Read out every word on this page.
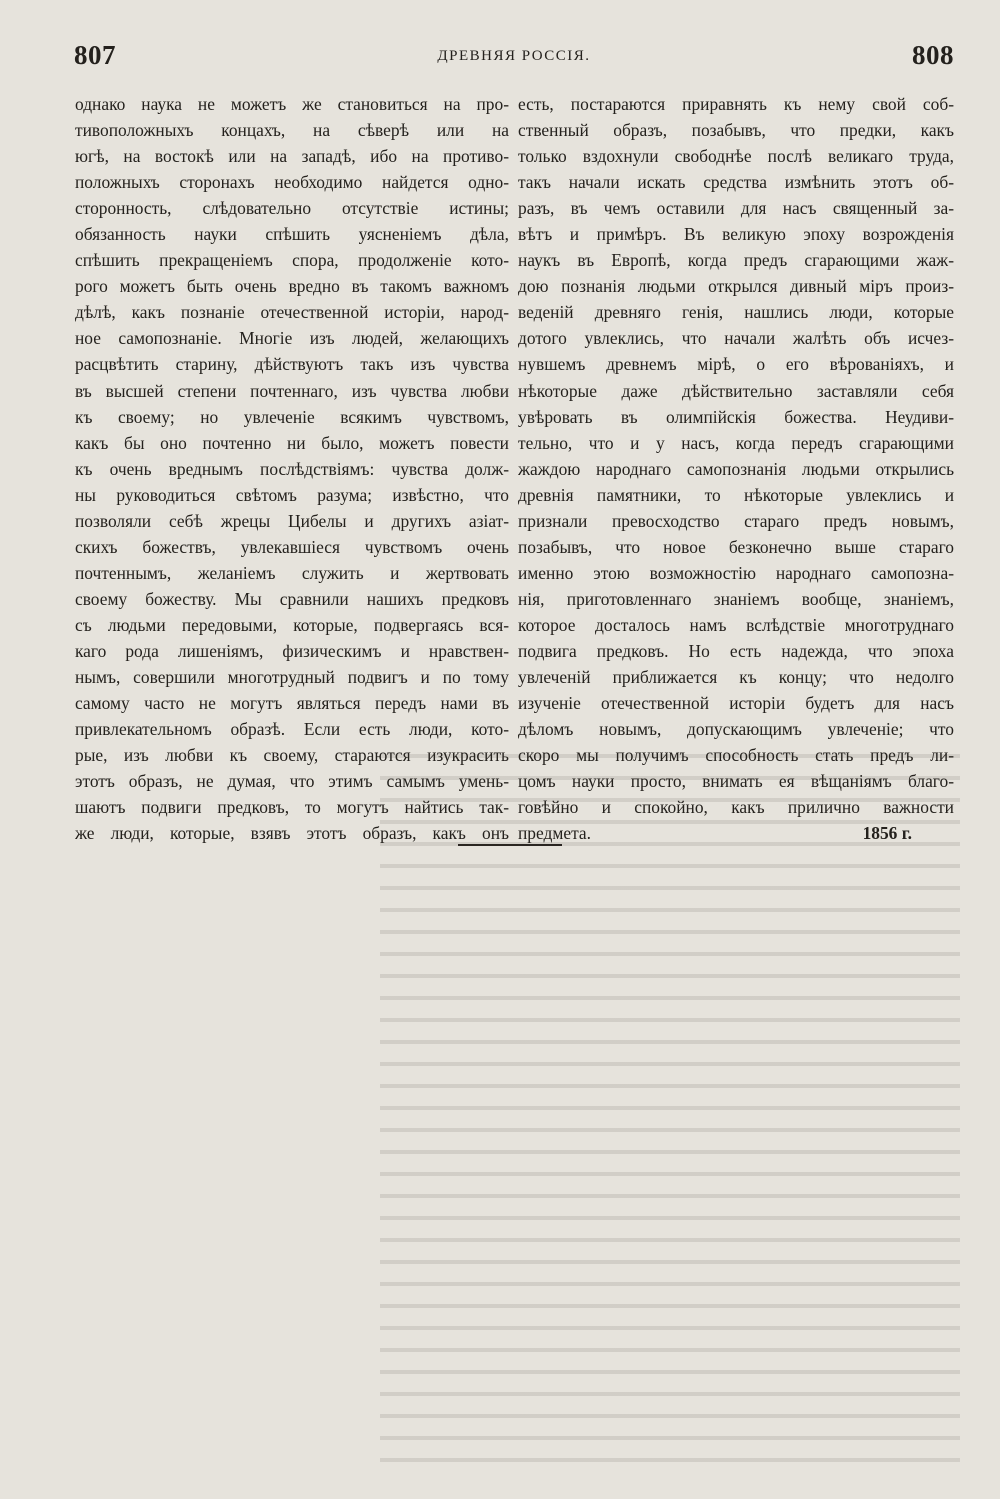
807	ДРЕВНЯЯ РОССІЯ.	808
однако наука не можетъ же становиться на про-
тивоположныхъ концахъ, на сѣверѣ или на
югѣ, на востокѣ или на западѣ, ибо на противо-
положныхъ сторонахъ необходимо найдется одно-
сторонность, слѣдовательно отсутствіе истины;
обязанность науки спѣшить уясненіемъ дѣла,
спѣшить прекращеніемъ спора, продолженіе кото-
рого можетъ быть очень вредно въ такомъ важномъ
дѣлѣ, какъ познаніе отечественной исторіи, народ-
ное самопознаніе. Многіе изъ людей, желающихъ
расцвѣтить старину, дѣйствуютъ такъ изъ чувства
въ высшей степени почтеннаго, изъ чувства любви
къ своему; но увлеченіе всякимъ чувствомъ,
какъ бы оно почтенно ни было, можетъ повести
къ очень вреднымъ послѣдствіямъ: чувства долж-
ны руководиться свѣтомъ разума; извѣстно, что
позволяли себѣ жрецы Цибелы и другихъ азіат-
скихъ божествъ, увлекавшіеся чувствомъ очень
почтеннымъ, желаніемъ служить и жертвовать
своему божеству. Мы сравнили нашихъ предковъ
съ людьми передовыми, которые, подвергаясь вся-
каго рода лишеніямъ, физическимъ и нравствен-
нымъ, совершили многотрудный подвигъ и по тому
самому часто не могутъ являться передъ нами въ
привлекательномъ образѣ. Если есть люди, кото-
рые, изъ любви къ своему, стараются изукрасить
этотъ образъ, не думая, что этимъ самымъ умень-
шаютъ подвиги предковъ, то могутъ найтись так-
же люди, которые, взявъ этотъ образъ, какъ онъ
есть, постараются приравнять къ нему свой соб-
ственный образъ, позабывъ, что предки, какъ
только вздохнули свободнѣе послѣ великаго труда,
такъ начали искать средства измѣнить этотъ об-
разъ, въ чемъ оставили для насъ священный за-
вѣтъ и примѣръ. Въ великую эпоху возрожденія
наукъ въ Европѣ, когда предъ сгарающими жаж-
дою познанія людьми открылся дивный міръ произ-
веденій древняго генія, нашлись люди, которые
дотого увлеклись, что начали жалѣть объ исчез-
нувшемъ древнемъ мірѣ, о его вѣрованіяхъ, и
нѣкоторые даже дѣйствительно заставляли себя
увѣровать въ олимпійскія божества. Неудиви-
тельно, что и у насъ, когда передъ сгарающими
жаждою народнаго самопознанія людьми открылись
древнія памятники, то нѣкоторые увлеклись и
признали превосходство стараго предъ новымъ,
позабывъ, что новое безконечно выше стараго
именно этою возможностію народнаго самопозна-
нія, приготовленнаго знаніемъ вообще, знаніемъ,
которое досталось намъ вслѣдствіе многотруднаго
подвига предковъ. Но есть надежда, что эпоха
увлеченій приближается къ концу; что недолго
изученіе отечественной исторіи будетъ для насъ
дѣломъ новымъ, допускающимъ увлеченіе; что
скоро мы получимъ способность стать предъ ли-
цомъ науки просто, внимать ея вѣщаніямъ благо-
говѣйно и спокойно, какъ прилично важности
предмета.	1856 г.
